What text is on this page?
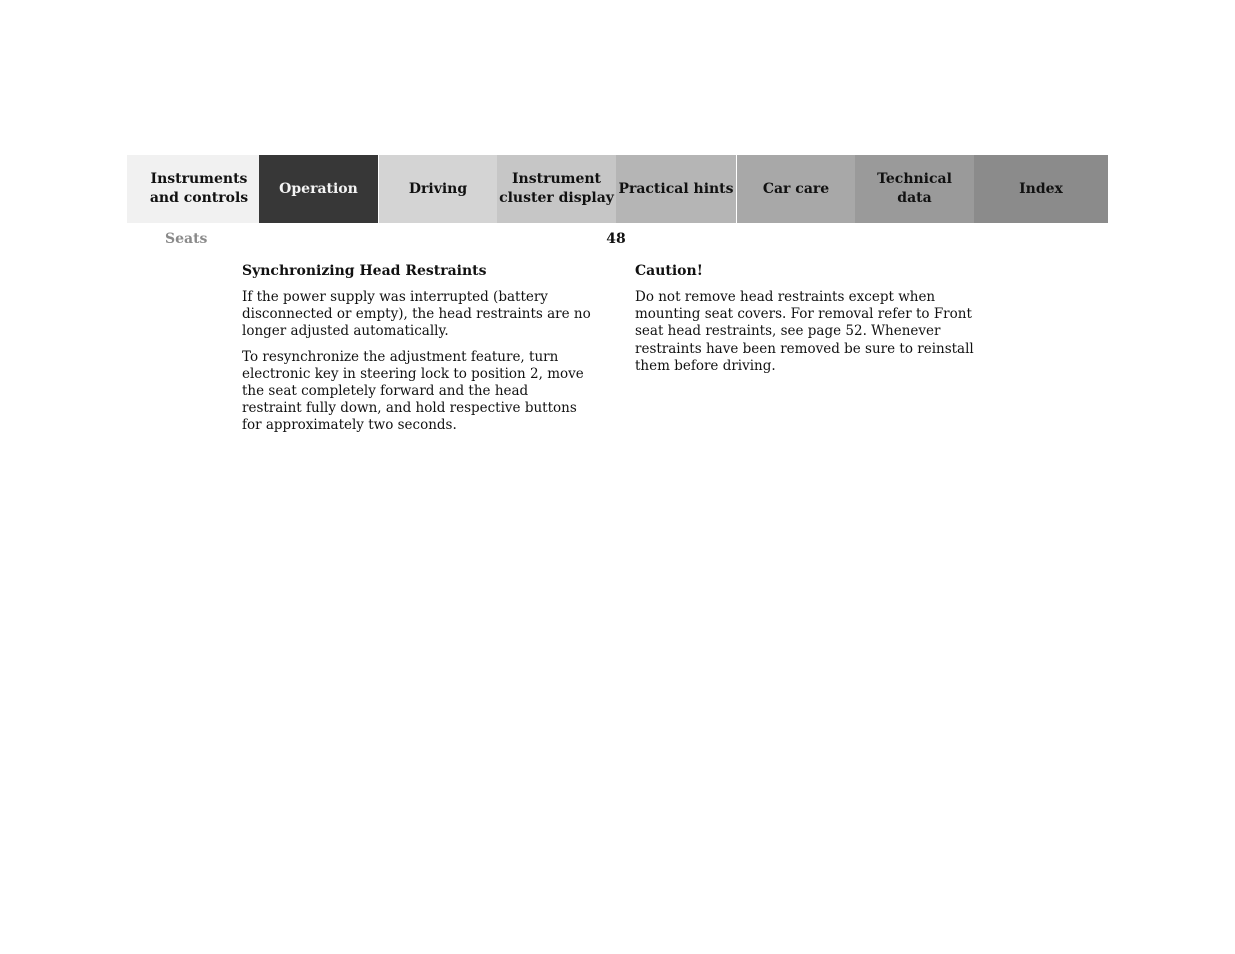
Instruments
and controls
Operation	Driving
Instrument
cluster display
Practical hints Car care
Technical
data
Index
Seats	48
Synchronizing Head Restraints

If the power supply was interrupted (battery disconnected or empty), the head restraints are no longer adjusted automatically.

To resynchronize the adjustment feature, turn electronic key in steering lock to position 2, move the seat completely forward and the head restraint fully down, and hold respective buttons for approximately two seconds.

Caution!

Do not remove head restraints except when mounting seat covers. For removal refer to Front seat head restraints, see page 52. Whenever restraints have been removed be sure to reinstall them before driving.
